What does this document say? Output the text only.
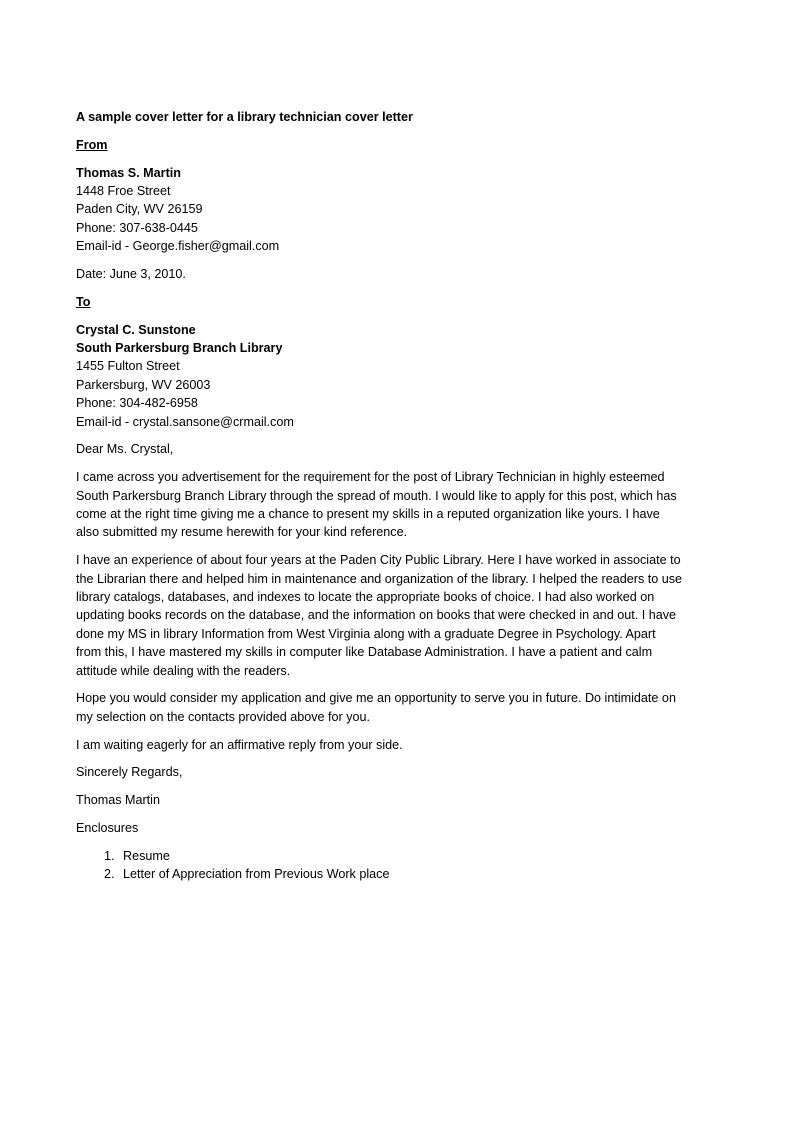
A sample cover letter for a library technician cover letter
From
Thomas S. Martin
1448 Froe Street
Paden City, WV 26159
Phone: 307-638-0445
Email-id - George.fisher@gmail.com
Date: June 3, 2010.
To
Crystal C. Sunstone
South Parkersburg Branch Library
1455 Fulton Street
Parkersburg, WV 26003
Phone: 304-482-6958
Email-id - crystal.sansone@crmail.com
Dear Ms. Crystal,

I came across you advertisement for the requirement for the post of Library Technician in highly esteemed
South Parkersburg Branch Library through the spread of mouth. I would like to apply for this post, which has
come at the right time giving me a chance to present my skills in a reputed organization like yours. I have
also submitted my resume herewith for your kind reference.

I have an experience of about four years at the Paden City Public Library. Here I have worked in associate to
the Librarian there and helped him in maintenance and organization of the library. I helped the readers to use
library catalogs, databases, and indexes to locate the appropriate books of choice. I had also worked on
updating books records on the database, and the information on books that were checked in and out. I have
done my MS in library Information from West Virginia along with a graduate Degree in Psychology. Apart
from this, I have mastered my skills in computer like Database Administration. I have a patient and calm
attitude while dealing with the readers.

Hope you would consider my application and give me an opportunity to serve you in future. Do intimidate on
my selection on the contacts provided above for you.

I am waiting eagerly for an affirmative reply from your side.

Sincerely Regards,
Thomas Martin
Enclosures
1. Resume
2. Letter of Appreciation from Previous Work place
